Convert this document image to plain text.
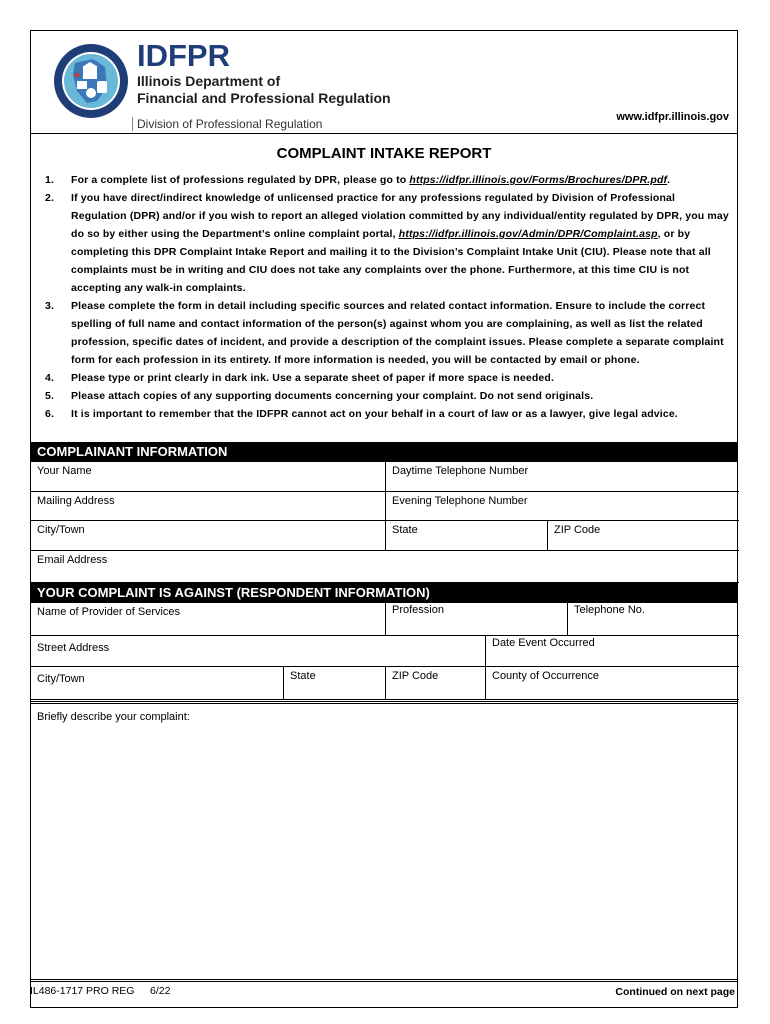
IDFPR
Illinois Department of
Financial and Professional Regulation
Division of Professional Regulation	www.idfpr.illinois.gov
COMPLAINT INTAKE REPORT
1. For a complete list of professions regulated by DPR, please go to https://idfpr.illinois.gov/Forms/Brochures/DPR.pdf.
2. If you have direct/indirect knowledge of unlicensed practice for any professions regulated by Division of Professional Regulation (DPR) and/or if you wish to report an alleged violation committed by any individual/entity regulated by DPR, you may do so by either using the Department’s online complaint portal, https://idfpr.illinois.gov/Admin/DPR/Complaint.asp, or by completing this DPR Complaint Intake Report and mailing it to the Division’s Complaint Intake Unit (CIU). Please note that all complaints must be in writing and CIU does not take any complaints over the phone. Furthermore, at this time CIU is not accepting any walk-in complaints.
3. Please complete the form in detail including specific sources and related contact information. Ensure to include the correct spelling of full name and contact information of the person(s) against whom you are complaining, as well as list the related profession, specific dates of incident, and provide a description of the complaint issues. Please complete a separate complaint form for each profession in its entirety. If more information is needed, you will be contacted by email or phone.
4. Please type or print clearly in dark ink. Use a separate sheet of paper if more space is needed.
5. Please attach copies of any supporting documents concerning your complaint. Do not send originals.
6. It is important to remember that the IDFPR cannot act on your behalf in a court of law or as a lawyer, give legal advice.
COMPLAINANT INFORMATION
Your Name	Daytime Telephone Number
Mailing Address	Evening Telephone Number
City/Town	State	ZIP Code
Email Address
YOUR COMPLAINT IS AGAINST (RESPONDENT INFORMATION)
Name of Provider of Services	Profession	Telephone No.
Street Address	Date Event Occurred
City/Town	State	ZIP Code	County of Occurrence
Briefly describe your complaint:
IL486-1717 PRO REG 6/22	Continued on next page
